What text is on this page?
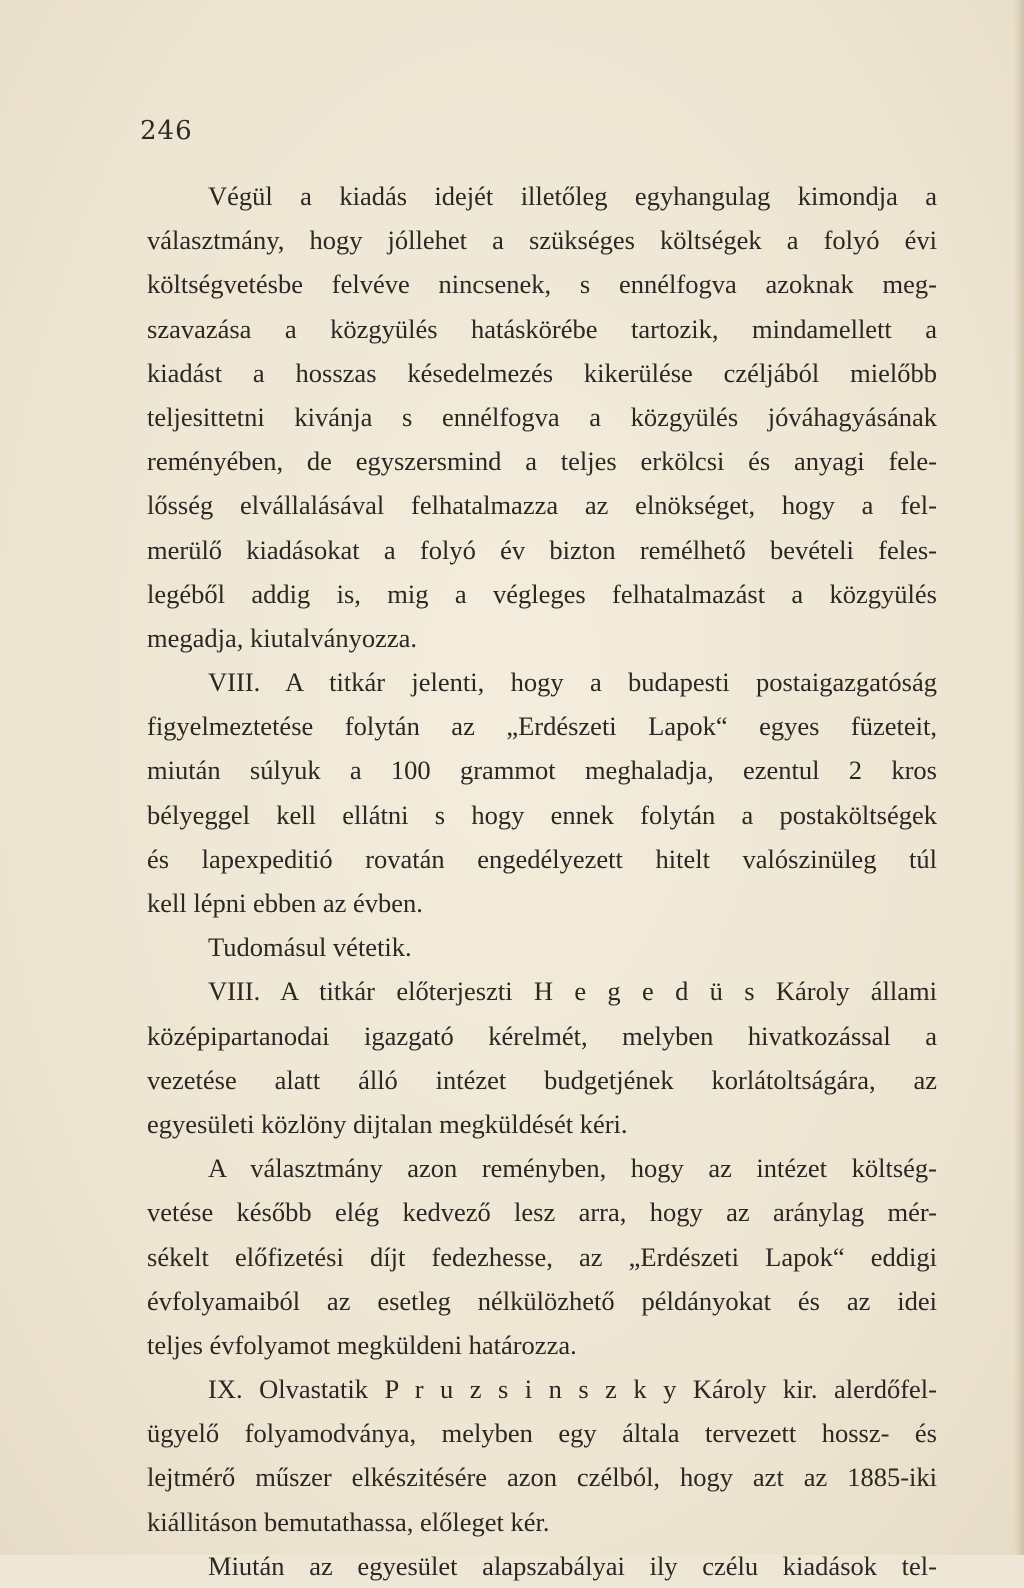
246
Végül a kiadás idejét illetőleg egyhangulag kimondja a
választmány, hogy jóllehet a szükséges költségek a folyó évi
költségvetésbe felvéve nincsenek, s ennélfogva azoknak meg-
szavazása a közgyülés hatáskörébe tartozik, mindamellett a
kiadást a hosszas késedelmezés kikerülése czéljából mielőbb
teljesittetni kivánja s ennélfogva a közgyülés jóváhagyásának
reményében, de egyszersmind a teljes erkölcsi és anyagi fele-
lősség elvállalásával felhatalmazza az elnökséget, hogy a fel-
merülő kiadásokat a folyó év bizton remélhető bevételi feles-
legéből addig is, mig a végleges felhatalmazást a közgyülés
megadja, kiutalványozza.
VIII. A titkár jelenti, hogy a budapesti postaigazgatóság
figyelmeztetése folytán az „Erdészeti Lapok“ egyes füzeteit,
miután súlyuk a 100 grammot meghaladja, ezentul 2 kros
bélyeggel kell ellátni s hogy ennek folytán a postaköltségek
és lapexpeditió rovatán engedélyezett hitelt valószinüleg túl
kell lépni ebben az évben.
Tudomásul vétetik.
VIII. A titkár előterjeszti H e g e d ü s Károly állami
középipartanodai igazgató kérelmét, melyben hivatkozással a
vezetése alatt álló intézet budgetjének korlátoltságára, az
egyesületi közlöny dijtalan megküldését kéri.
A választmány azon reményben, hogy az intézet költség-
vetése később elég kedvező lesz arra, hogy az aránylag mér-
sékelt előfizetési díjt fedezhesse, az „Erdészeti Lapok“ eddigi
évfolyamaiból az esetleg nélkülözhető példányokat és az idei
teljes évfolyamot megküldeni határozza.
IX. Olvastatik P r u z s i n s z k y Károly kir. alerdőfel-
ügyelő folyamodványa, melyben egy általa tervezett hossz- és
lejtmérő műszer elkészitésére azon czélból, hogy azt az 1885-iki
kiállitáson bemutathassa, előleget kér.
Miután az egyesület alapszabályai ily czélu kiadások tel-
